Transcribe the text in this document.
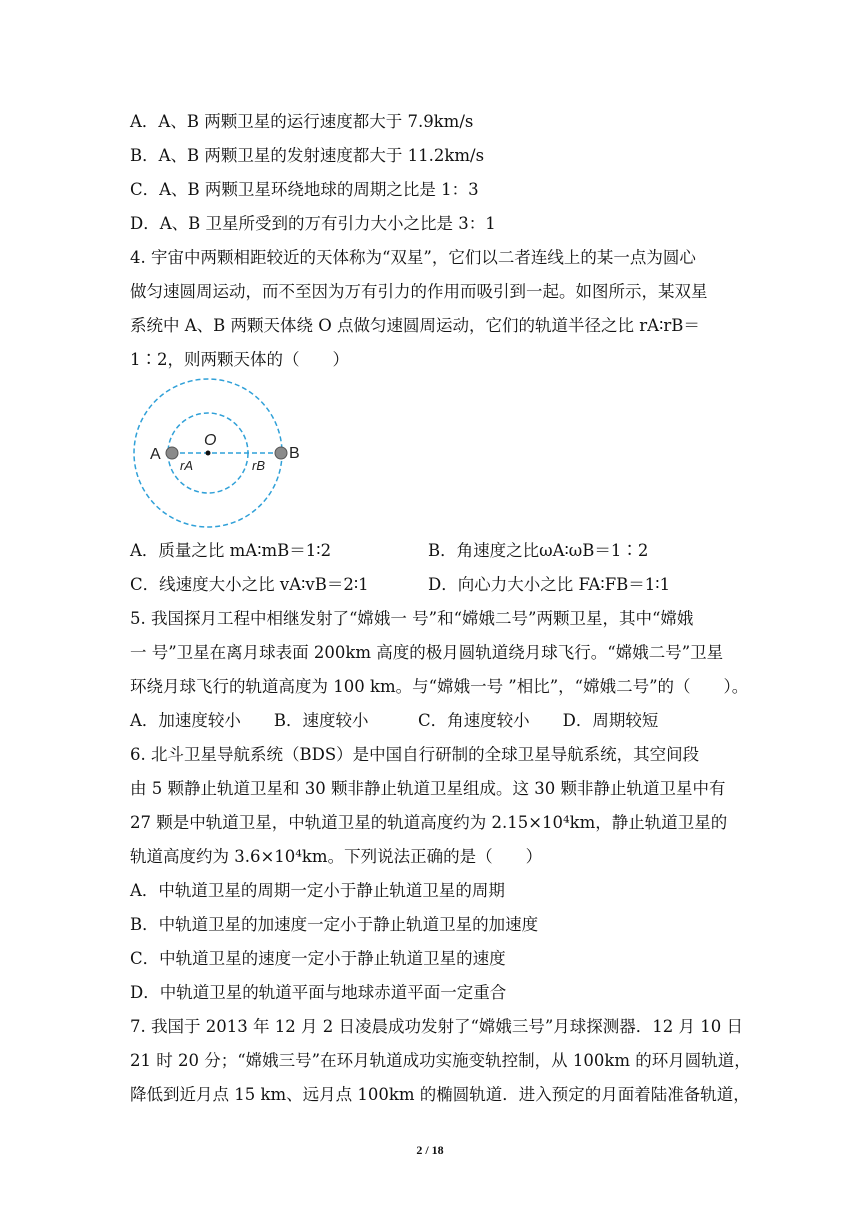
A．A、B 两颗卫星的运行速度都大于 7.9km/s
B．A、B 两颗卫星的发射速度都大于 11.2km/s
C．A、B 两颗卫星环绕地球的周期之比是 1：3
D．A、B 卫星所受到的万有引力大小之比是 3：1
4. 宇宙中两颗相距较近的天体称为“双星”，它们以二者连线上的某一点为圆心
做匀速圆周运动，而不至因为万有引力的作用而吸引到一起。如图所示，某双星
系统中 A、B 两颗天体绕 O 点做匀速圆周运动，它们的轨道半径之比 rA∶rB＝
1∶2，则两颗天体的（　　）
A	B
O
rA	rB
A．质量之比 mA∶mB＝1∶2	B．角速度之比ωA∶ωB＝1∶2
C．线速度大小之比 vA∶vB＝2∶1	D．向心力大小之比 FA∶FB＝1∶1
5. 我国探月工程中相继发射了“嫦娥一 号”和“嫦娥二号”两颗卫星，其中“嫦娥
一 号”卫星在离月球表面 200km 高度的极月圆轨道绕月球飞行。“嫦娥二号”卫星
环绕月球飞行的轨道高度为 100 km。与“嫦娥一号 ”相比”，“嫦娥二号”的（　　）。
A．加速度较小　　B．速度较小　　　C．角速度较小　　D．周期较短
6. 北斗卫星导航系统（BDS）是中国自行研制的全球卫星导航系统，其空间段
由 5 颗静止轨道卫星和 30 颗非静止轨道卫星组成。这 30 颗非静止轨道卫星中有
27 颗是中轨道卫星，中轨道卫星的轨道高度约为 2.15×10⁴km，静止轨道卫星的
轨道高度约为 3.6×10⁴km。下列说法正确的是（　　）
A．中轨道卫星的周期一定小于静止轨道卫星的周期
B．中轨道卫星的加速度一定小于静止轨道卫星的加速度
C．中轨道卫星的速度一定小于静止轨道卫星的速度
D．中轨道卫星的轨道平面与地球赤道平面一定重合
7. 我国于 2013 年 12 月 2 日凌晨成功发射了“嫦娥三号”月球探测器．12 月 10 日
21 时 20 分；“嫦娥三号”在环月轨道成功实施变轨控制，从 100km 的环月圆轨道，
降低到近月点 15 km、远月点 100km 的椭圆轨道．进入预定的月面着陆准备轨道，
2 / 18
